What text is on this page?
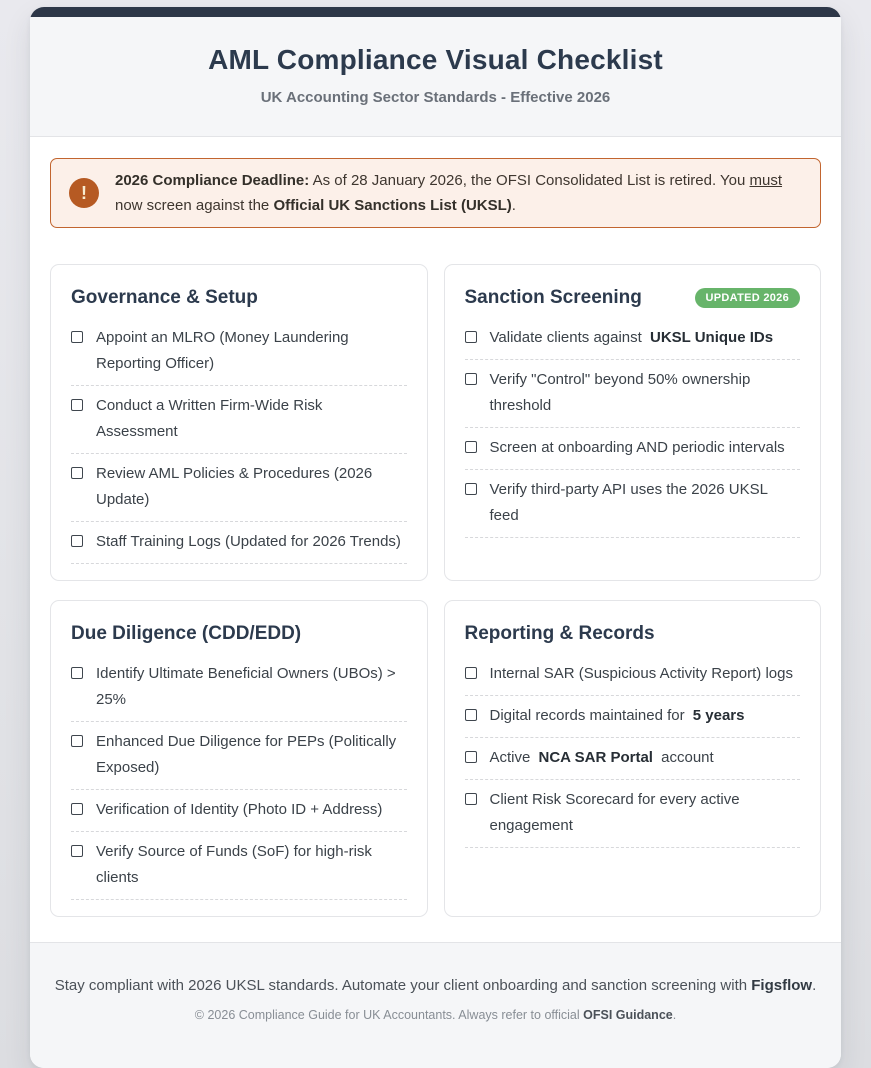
AML Compliance Visual Checklist
UK Accounting Sector Standards - Effective 2026
!

2026 Compliance Deadline: As of 28 January 2026, the OFSI Consolidated List is retired. You must now screen against the Official UK Sanctions List (UKSL).

Governance & Setup
Appoint an MLRO (Money Laundering Reporting Officer)
Conduct a Written Firm-Wide Risk Assessment
Review AML Policies & Procedures (2026 Update)
Staff Training Logs (Updated for 2026 Trends)
Sanction Screening	UPDATED 2026
Validate clients against UKSL Unique IDs
Verify "Control" beyond 50% ownership threshold
Screen at onboarding AND periodic intervals
Verify third-party API uses the 2026 UKSL feed
Due Diligence (CDD/EDD)
Identify Ultimate Beneficial Owners (UBOs) > 25%
Enhanced Due Diligence for PEPs (Politically Exposed)
Verification of Identity (Photo ID + Address)
Verify Source of Funds (SoF) for high-risk clients
Reporting & Records
Internal SAR (Suspicious Activity Report) logs
Digital records maintained for 5 years
Active NCA SAR Portal account
Client Risk Scorecard for every active engagement

Stay compliant with 2026 UKSL standards. Automate your client onboarding and sanction screening with Figsflow.

© 2026 Compliance Guide for UK Accountants. Always refer to official OFSI Guidance.
